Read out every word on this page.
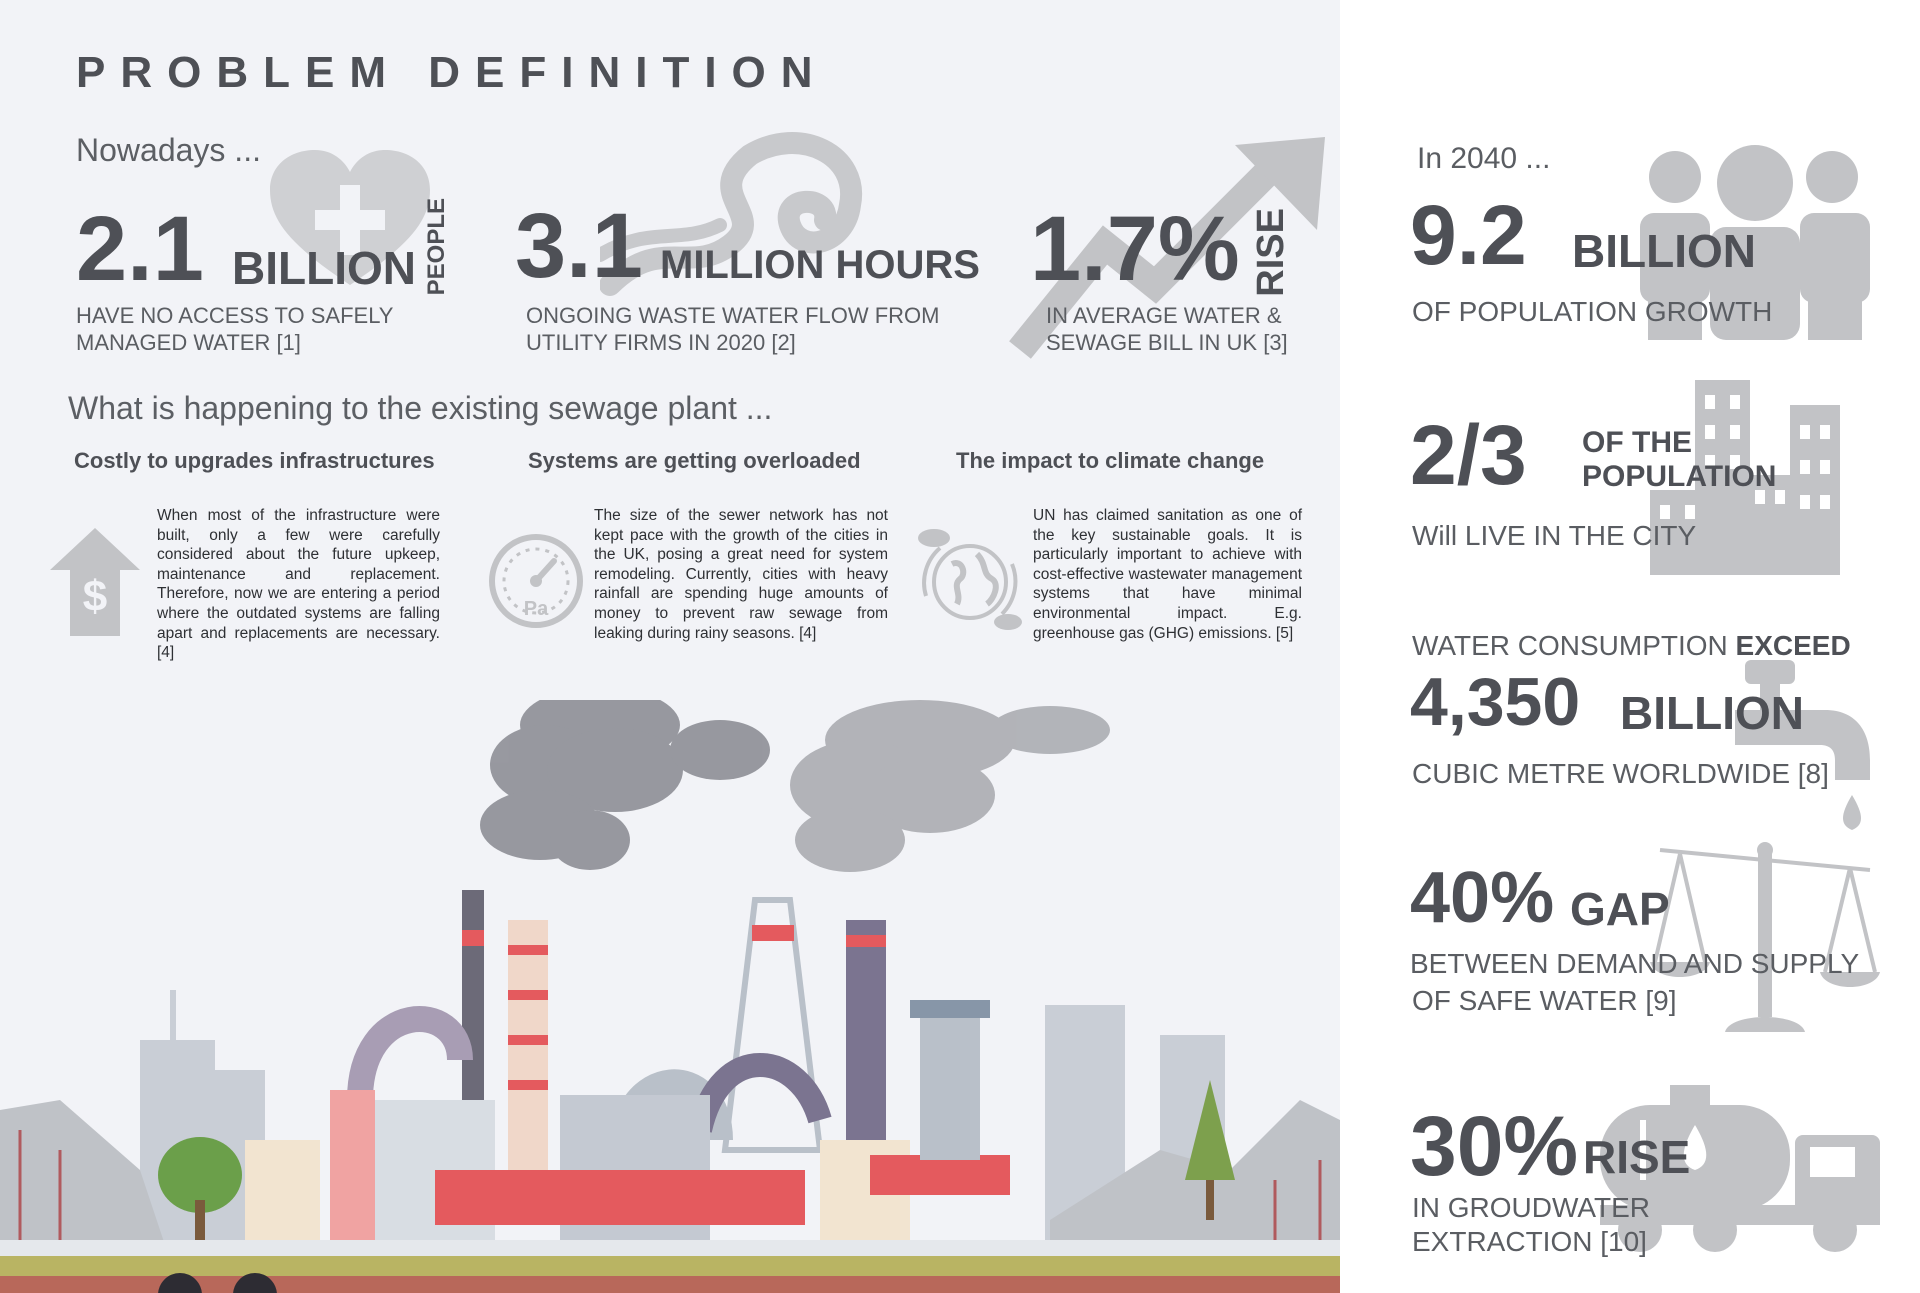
PROBLEM DEFINITION
Nowadays ...
2.1 BILLION PEOPLE
HAVE NO ACCESS TO SAFELY
MANAGED WATER [1]
3.1 MILLION HOURS
ONGOING WASTE WATER FLOW FROM
UTILITY FIRMS IN 2020 [2]
1.7% RISE
IN AVERAGE WATER &
SEWAGE BILL IN UK [3]
What is happening to the existing sewage plant ...
Costly to upgrades infrastructures	Systems are getting overloaded	The impact to climate change
$	Pa
When most of the infrastructure were built, only a few were carefully considered about the future upkeep, maintenance and replacement. Therefore, now we are entering a period where the outdated systems are falling apart and replacements are necessary. [4]
The size of the sewer network has not kept pace with the growth of the cities in the UK, posing a great need for system remodeling. Currently, cities with heavy rainfall are spending huge amounts of money to prevent raw sewage from leaking during rainy seasons. [4]
UN has claimed sanitation as one of the key sustainable goals. It is particularly important to achieve with cost-effective wastewater management systems that have minimal environmental impact. E.g. greenhouse gas (GHG) emissions. [5]
In 2040 ...
9.2 BILLION
OF POPULATION GROWTH
2/3 OF THE
POPULATION
Will LIVE IN THE CITY
WATER CONSUMPTION EXCEED
4,350 BILLION
CUBIC METRE WORLDWIDE [8]
40% GAP
BETWEEN DEMAND AND SUPPLY
OF SAFE WATER [9]
30% RISE
IN GROUDWATER
EXTRACTION [10]
